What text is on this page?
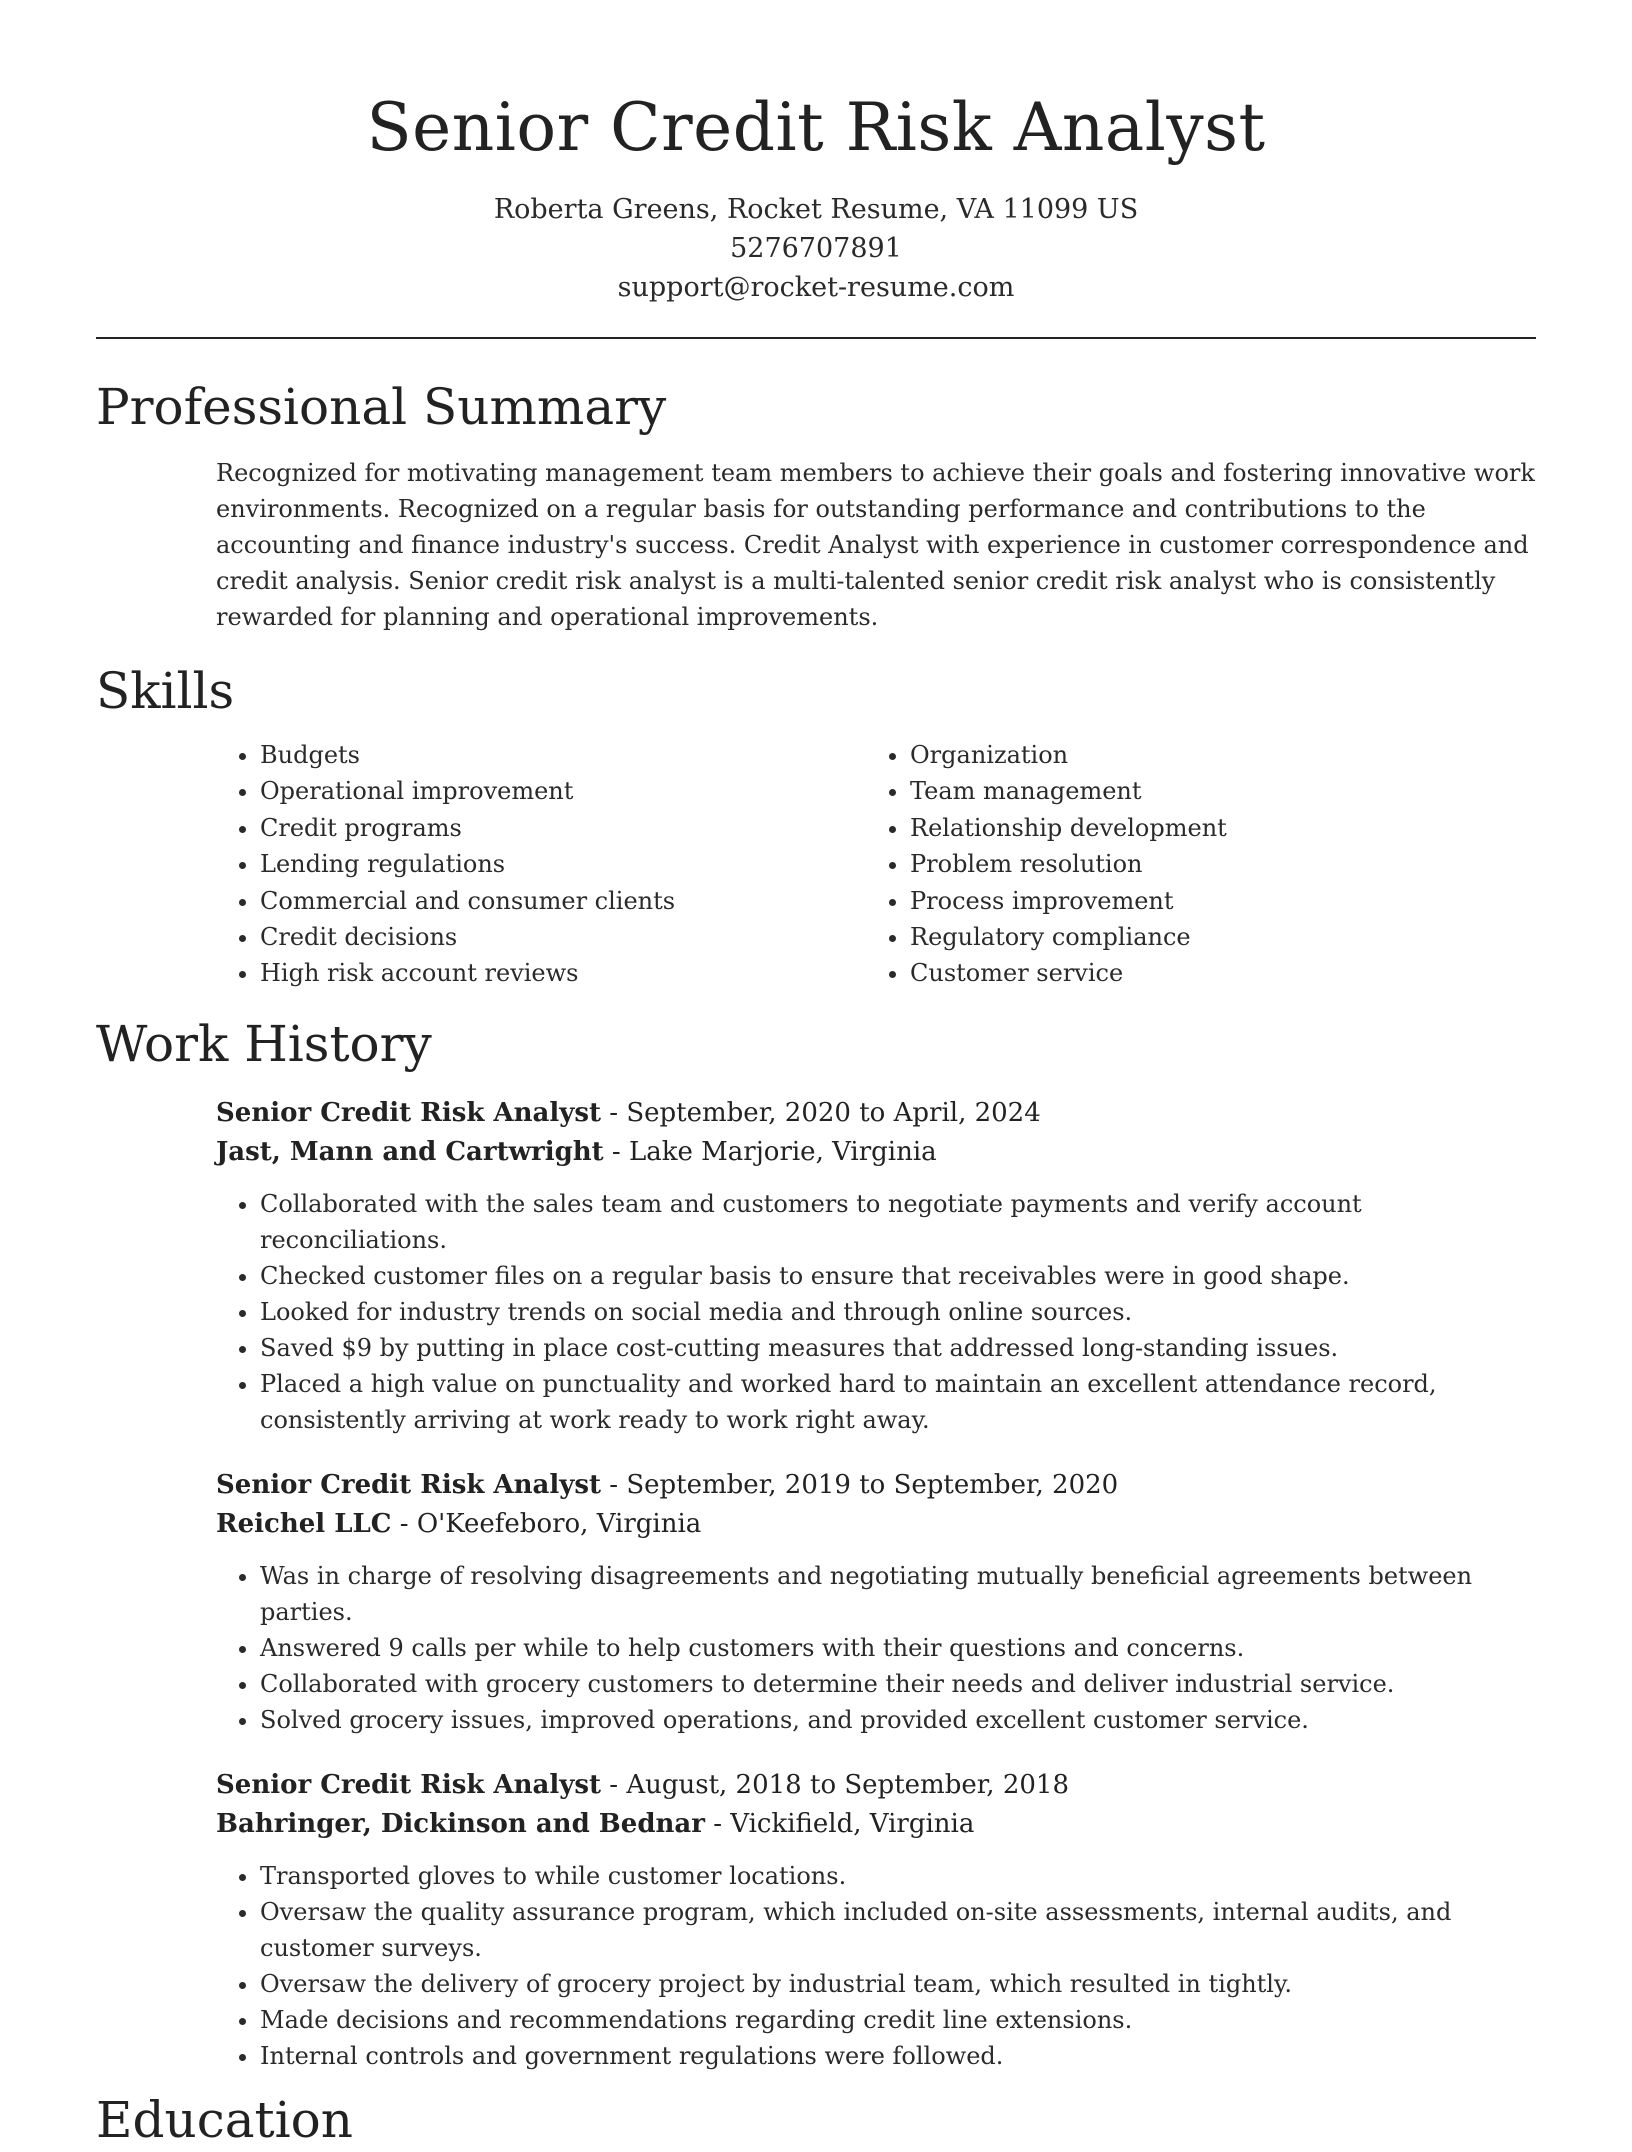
Senior Credit Risk Analyst
Roberta Greens, Rocket Resume, VA 11099 US
5276707891
support@rocket-resume.com
Professional Summary
Recognized for motivating management team members to achieve their goals and fostering innovative work environments. Recognized on a regular basis for outstanding performance and contributions to the accounting and finance industry's success. Credit Analyst with experience in customer correspondence and credit analysis. Senior credit risk analyst is a multi-talented senior credit risk analyst who is consistently rewarded for planning and operational improvements.
Skills
• Budgets
• Operational improvement
• Credit programs
• Lending regulations
• Commercial and consumer clients
• Credit decisions
• High risk account reviews
• Organization
• Team management
• Relationship development
• Problem resolution
• Process improvement
• Regulatory compliance
• Customer service
Work History
Senior Credit Risk Analyst - September, 2020 to April, 2024
Jast, Mann and Cartwright - Lake Marjorie, Virginia
• Collaborated with the sales team and customers to negotiate payments and verify account reconciliations.
• Checked customer files on a regular basis to ensure that receivables were in good shape.
• Looked for industry trends on social media and through online sources.
• Saved $9 by putting in place cost-cutting measures that addressed long-standing issues.
• Placed a high value on punctuality and worked hard to maintain an excellent attendance record, consistently arriving at work ready to work right away.
Senior Credit Risk Analyst - September, 2019 to September, 2020
Reichel LLC - O'Keefeboro, Virginia
• Was in charge of resolving disagreements and negotiating mutually beneficial agreements between parties.
• Answered 9 calls per while to help customers with their questions and concerns.
• Collaborated with grocery customers to determine their needs and deliver industrial service.
• Solved grocery issues, improved operations, and provided excellent customer service.
Senior Credit Risk Analyst - August, 2018 to September, 2018
Bahringer, Dickinson and Bednar - Vickifield, Virginia
• Transported gloves to while customer locations.
• Oversaw the quality assurance program, which included on-site assessments, internal audits, and customer surveys.
• Oversaw the delivery of grocery project by industrial team, which resulted in tightly.
• Made decisions and recommendations regarding credit line extensions.
• Internal controls and government regulations were followed.
Education
